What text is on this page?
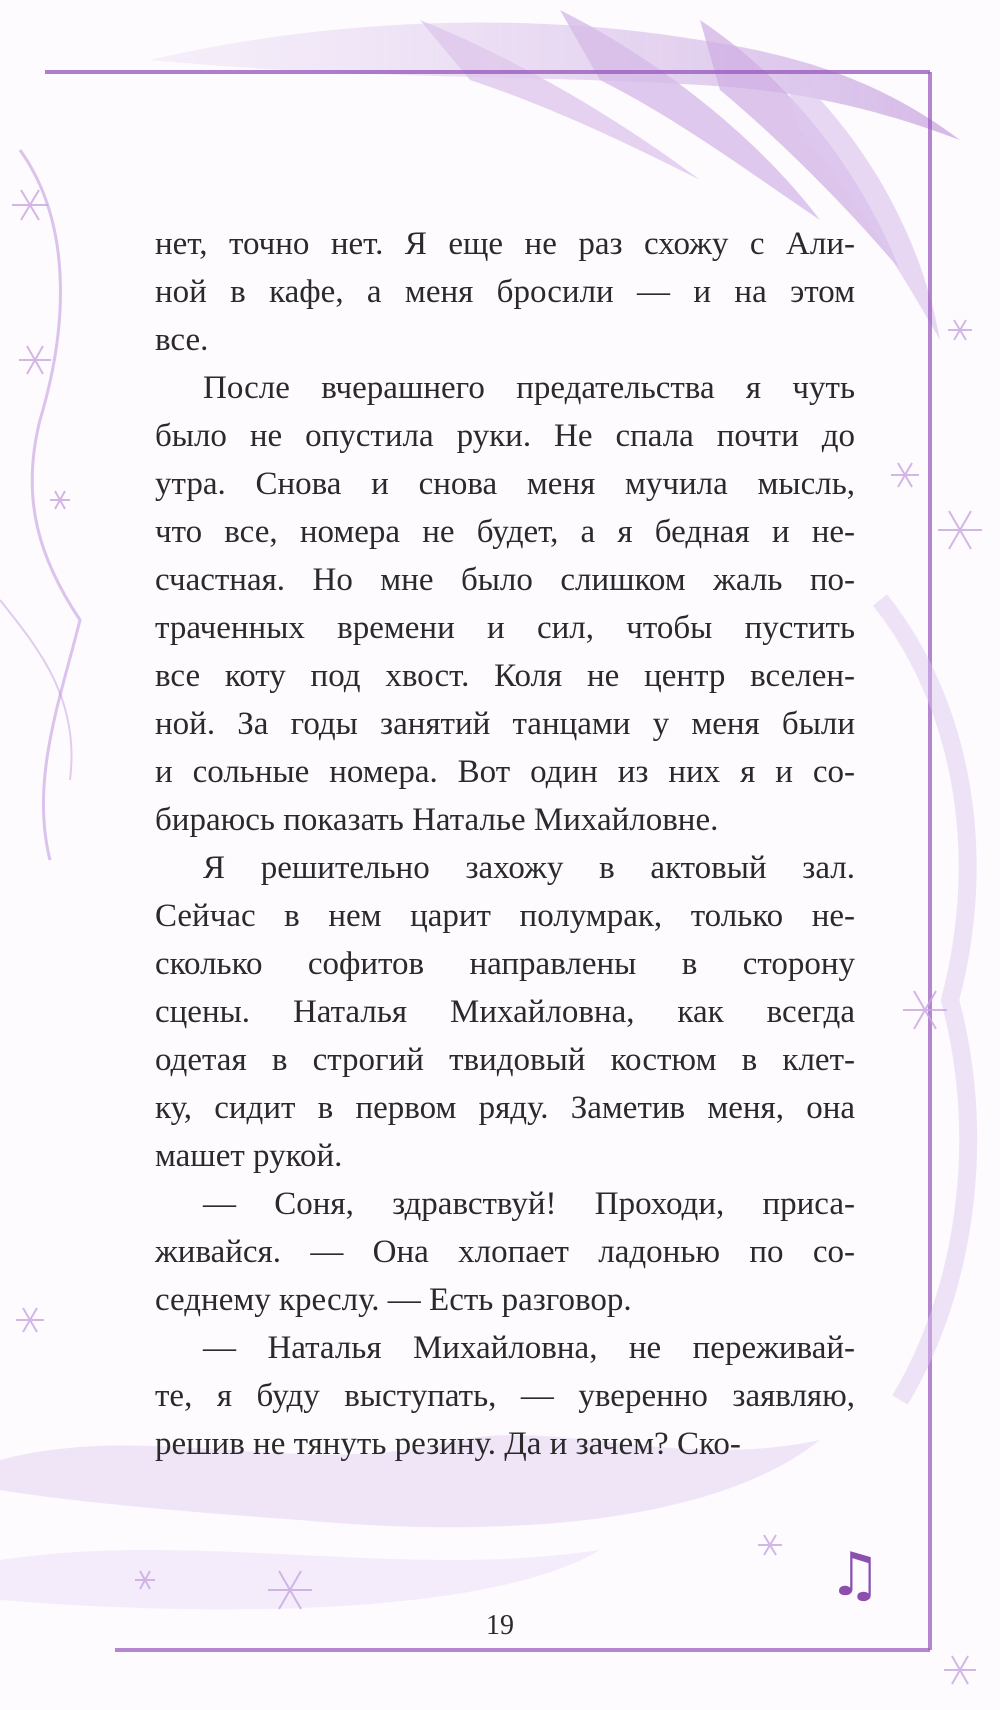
нет, точно нет. Я еще не раз схожу с Али-
ной в кафе, а меня бросили — и на этом
все.
После вчерашнего предательства я чуть
было не опустила руки. Не спала почти до
утра. Снова и снова меня мучила мысль,
что все, номера не будет, а я бедная и не-
счастная. Но мне было слишком жаль по-
траченных времени и сил, чтобы пустить
все коту под хвост. Коля не центр вселен-
ной. За годы занятий танцами у меня были
и сольные номера. Вот один из них я и со-
бираюсь показать Наталье Михайловне.
Я решительно захожу в актовый зал.
Сейчас в нем царит полумрак, только не-
сколько софитов направлены в сторону
сцены. Наталья Михайловна, как всегда
одетая в строгий твидовый костюм в клет-
ку, сидит в первом ряду. Заметив меня, она
машет рукой.
— Соня, здравствуй! Проходи, приса-
живайся. — Она хлопает ладонью по со-
седнему креслу. — Есть разговор.
— Наталья Михайловна, не переживай-
те, я буду выступать, — уверенно заявляю,
решив не тянуть резину. Да и зачем? Ско-
♫
19
